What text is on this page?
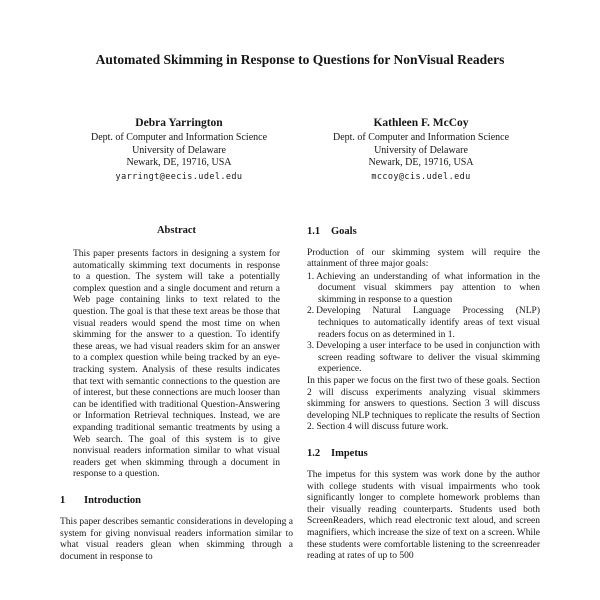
Automated Skimming in Response to Questions for NonVisual Readers
Debra Yarrington
Dept. of Computer and Information Science
University of Delaware
Newark, DE, 19716, USA
yarringt@eecis.udel.edu
Kathleen F. McCoy
Dept. of Computer and Information Science
University of Delaware
Newark, DE, 19716, USA
mccoy@cis.udel.edu
Abstract
This paper presents factors in designing a system for automatically skimming text documents in response to a question. The system will take a potentially complex question and a single document and return a Web page containing links to text related to the question. The goal is that these text areas be those that visual readers would spend the most time on when skimming for the answer to a question. To identify these areas, we had visual readers skim for an answer to a complex question while being tracked by an eye-tracking system. Analysis of these results indicates that text with semantic connections to the question are of interest, but these connections are much looser than can be identified with traditional Question-Answering or Information Retrieval techniques. Instead, we are expanding traditional semantic treatments by using a Web search. The goal of this system is to give nonvisual readers information similar to what visual readers get when skimming through a document in response to a question.
1	Introduction
This paper describes semantic considerations in developing a system for giving nonvisual readers information similar to what visual readers glean when skimming through a document in response to
1.1	Goals
Production of our skimming system will require the attainment of three major goals:
1. Achieving an understanding of what information in the document visual skimmers pay attention to when skimming in response to a question
2. Developing Natural Language Processing (NLP) techniques to automatically identify areas of text visual readers focus on as determined in 1.
3. Developing a user interface to be used in conjunction with screen reading software to deliver the visual skimming experience.
In this paper we focus on the first two of these goals. Section 2 will discuss experiments analyzing visual skimmers skimming for answers to questions. Section 3 will discuss developing NLP techniques to replicate the results of Section 2. Section 4 will discuss future work.
1.2	Impetus
The impetus for this system was work done by the author with college students with visual impairments who took significantly longer to complete homework problems than their visually reading counterparts. Students used both ScreenReaders, which read electronic text aloud, and screen magnifiers, which increase the size of text on a screen. While these students were comfortable listening to the screenreader reading at rates of up to 500
